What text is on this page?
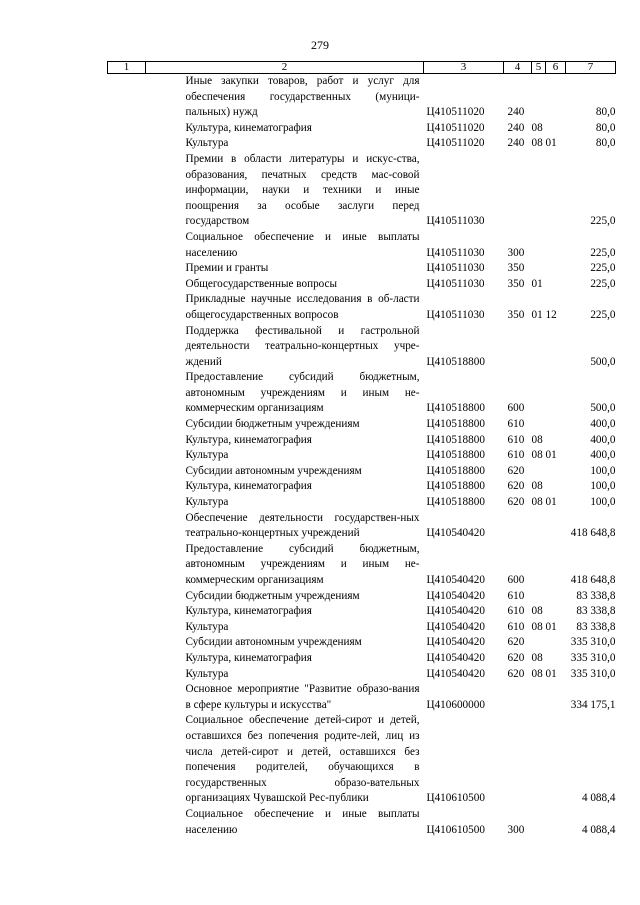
279
1	2	3	4	5	6	7
	Иные закупки товаров, работ и услуг для обеспечения государственных (муници-пальных) нужд	Ц410511020	240			80,0
	Культура, кинематография	Ц410511020	240	08		80,0
	Культура	Ц410511020	240	08	01	80,0
	Премии в области литературы и искус-ства, образования, печатных средств мас-совой информации, науки и техники и иные поощрения за особые заслуги перед государством	Ц410511030				225,0
	Социальное обеспечение и иные выплаты населению	Ц410511030	300			225,0
	Премии и гранты	Ц410511030	350			225,0
	Общегосударственные вопросы	Ц410511030	350	01		225,0
	Прикладные научные исследования в об-ласти общегосударственных вопросов	Ц410511030	350	01	12	225,0
	Поддержка фестивальной и гастрольной деятельности театрально-концертных учре-ждений	Ц410518800				500,0
	Предоставление субсидий бюджетным, автономным учреждениям и иным не-коммерческим организациям	Ц410518800	600			500,0
	Субсидии бюджетным учреждениям	Ц410518800	610			400,0
	Культура, кинематография	Ц410518800	610	08		400,0
	Культура	Ц410518800	610	08	01	400,0
	Субсидии автономным учреждениям	Ц410518800	620			100,0
	Культура, кинематография	Ц410518800	620	08		100,0
	Культура	Ц410518800	620	08	01	100,0
	Обеспечение деятельности государствен-ных театрально-концертных учреждений	Ц410540420				418 648,8
	Предоставление субсидий бюджетным, автономным учреждениям и иным не-коммерческим организациям	Ц410540420	600			418 648,8
	Субсидии бюджетным учреждениям	Ц410540420	610			83 338,8
	Культура, кинематография	Ц410540420	610	08		83 338,8
	Культура	Ц410540420	610	08	01	83 338,8
	Субсидии автономным учреждениям	Ц410540420	620			335 310,0
	Культура, кинематография	Ц410540420	620	08		335 310,0
	Культура	Ц410540420	620	08	01	335 310,0
	Основное мероприятие "Развитие образо-вания в сфере культуры и искусства"	Ц410600000				334 175,1
	Социальное обеспечение детей-сирот и детей, оставшихся без попечения родите-лей, лиц из числа детей-сирот и детей, оставшихся без попечения родителей, обучающихся в государственных образо-вательных организациях Чувашской Рес-публики	Ц410610500				4 088,4
	Социальное обеспечение и иные выплаты населению	Ц410610500	300			4 088,4
